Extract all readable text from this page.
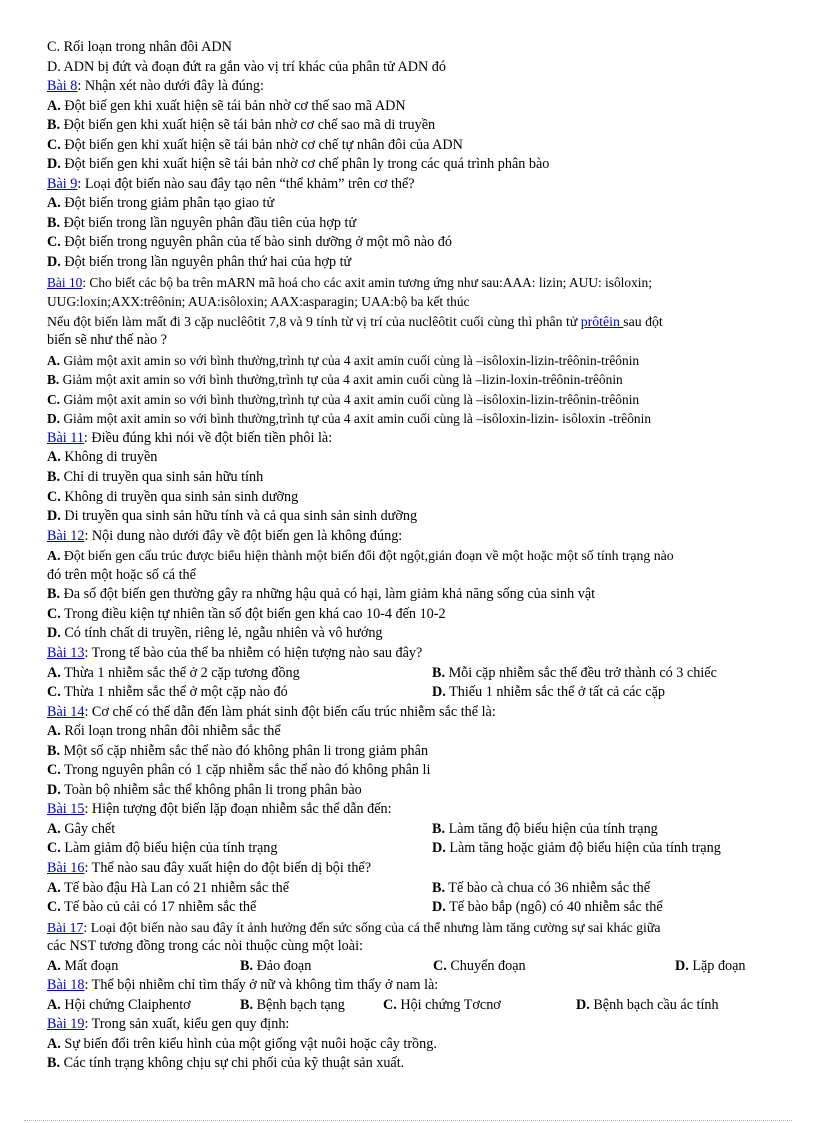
C. Rối loạn trong nhân đôi ADN
D. ADN bị đứt và đoạn đứt ra gắn vào vị trí khác của phân tử ADN đó
Bài 8: Nhận xét nào dưới đây là đúng:
A. Đột biế gen khi xuất hiện sẽ tái bản nhờ cơ thế sao mã ADN
B. Đột biến gen khi xuất hiện sẽ tái bản nhờ cơ chế sao mã di truyền
C. Đột biến gen khi xuất hiện sẽ tái bản nhờ cơ chế tự nhân đôi của ADN
D. Đột biến gen khi xuất hiện sẽ tái bản nhờ cơ chế phân ly trong các quá trình phân bào
Bài 9: Loại đột biến nào sau đây tạo nên “thể khảm” trên cơ thể?
A. Đột biến trong giảm phân tạo giao tử
B. Đột biến trong lần nguyên phân đầu tiên của hợp tử
C. Đột biến trong nguyên phân của tế bào sinh dưỡng ở một mô nào đó
D. Đột biến trong lần nguyên phân thứ hai của hợp tử
Bài 10: Cho biết các bộ ba trên mARN mã hoá cho các axit amin tương ứng như sau:AAA: lizin; AUU: isôloxin;
UUG:loxin;AXX:trêônin; AUA:isôloxin; AAX:asparagin; UAA:bộ ba kết thúc
Nếu đột biến làm mất đi 3 cặp nuclêôtit 7,8 và 9 tính từ vị trí của nuclêôtit cuối cùng thì phân tử prôtêin sau đột
biến sẽ như thế nào ?
A. Giảm một axit amin so với bình thường,trình tự của 4 axit amin cuối cùng là –isôloxin-lizin-trêônin-trêônin
B. Giảm một axit amin so với bình thường,trình tự của 4 axit amin cuối cùng là –lizin-loxin-trêônin-trêônin
C. Giảm một axit amin so với bình thường,trình tự của 4 axit amin cuối cùng là –isôloxin-lizin-trêônin-trêônin
D. Giảm một axit amin so với bình thường,trình tự của 4 axit amin cuối cùng là –isôloxin-lizin- isôloxin -trêônin
Bài 11: Điều đúng khi nói về đột biến tiền phôi là:
A. Không di truyền
B. Chỉ di truyền qua sinh sản hữu tính
C. Không di truyền qua sinh sản sinh dưỡng
D. Di truyền qua sinh sản hữu tính và cả qua sinh sản sinh dưỡng
Bài 12: Nội dung nào dưới đây về đột biến gen là không đúng:
A. Đột biến gen cấu trúc được biểu hiện thành một biến đổi đột ngột,gián đoạn về một hoặc một số tính trạng nào
đó trên một hoặc số cá thể
B. Đa số đột biến gen thường gây ra những hậu quả có hại, làm giảm khả năng sống của sinh vật
C. Trong điều kiện tự nhiên tần số đột biến gen khá cao 10-4 đến 10-2
D. Có tính chất di truyền, riêng lẻ, ngẫu nhiên và vô hướng
Bài 13: Trong tế bào của thể ba nhiễm có hiện tượng nào sau đây?
A. Thừa 1 nhiễm sắc thể ở 2 cặp tương đồng	B. Mỗi cặp nhiễm sắc thể đều trở thành có 3 chiếc
C. Thừa 1 nhiễm sắc thể ở một cặp nào đó	D. Thiếu 1 nhiễm sắc thể ở tất cả các cặp
Bài 14: Cơ chế có thể dẫn đến làm phát sinh đột biến cấu trúc nhiễm sắc thể là:
A. Rối loạn trong nhân đôi nhiễm sắc thể
B. Một số cặp nhiễm sắc thể nào đó không phân li trong giảm phân
C. Trong nguyên phân có 1 cặp nhiễm sắc thể nào đó không phân li
D. Toàn bộ nhiễm sắc thể không phân li trong phân bào
Bài 15: Hiện tượng đột biến lặp đoạn nhiễm sắc thể dẫn đến:
A. Gây chết	B. Làm tăng độ biểu hiện của tính trạng
C. Làm giảm độ biểu hiện của tính trạng	D. Làm tăng hoặc giảm độ biểu hiện của tính trạng
Bài 16: Thể nào sau đây xuất hiện do đột biến dị bội thể?
A. Tế bào đậu Hà Lan có 21 nhiễm sắc thể	B. Tế bào cà chua có 36 nhiễm sắc thể
C. Tế bào củ cải có 17 nhiễm sắc thể	D. Tế bào bắp (ngô) có 40 nhiễm sắc thể
Bài 17: Loại đột biến nào sau đây ít ảnh hưởng đến sức sống của cá thể nhưng làm tăng cường sự sai khác giữa
các NST tương đồng trong các nòi thuộc cùng một loài:
A. Mất đoạn	B. Đảo đoạn	C. Chuyển đoạn	D. Lặp đoạn
Bài 18: Thể bội nhiễm chỉ tìm thấy ở nữ và không tìm thấy ở nam là:
A. Hội chứng Claiphentơ	B. Bệnh bạch tạng	C. Hội chứng Tơcnơ	D. Bệnh bạch cầu ác tính
Bài 19: Trong sản xuất, kiểu gen quy định:
A. Sự biến đổi trên kiểu hình của một giống vật nuôi hoặc cây trồng.
B. Các tính trạng không chịu sự chi phối của kỹ thuật sản xuất.
